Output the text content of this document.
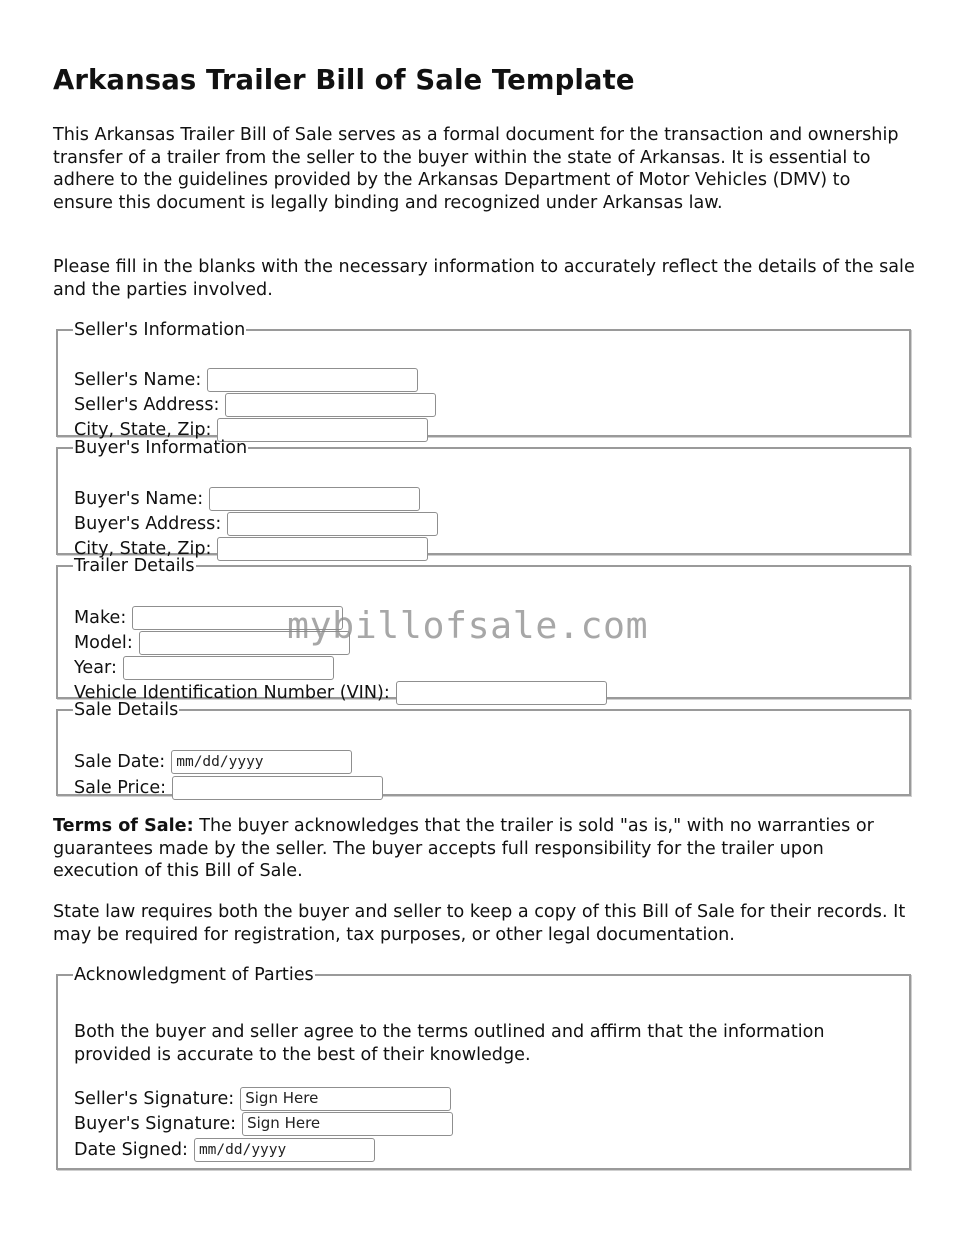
Arkansas Trailer Bill of Sale Template

This Arkansas Trailer Bill of Sale serves as a formal document for the transaction and ownership transfer of a trailer from the seller to the buyer within the state of Arkansas. It is essential to adhere to the guidelines provided by the Arkansas Department of Motor Vehicles (DMV) to ensure this document is legally binding and recognized under Arkansas law.

Please fill in the blanks with the necessary information to accurately reflect the details of the sale and the parties involved.

Seller's Information
Seller's Name:
Seller's Address:
City, State, Zip:
Buyer's Information
Buyer's Name:
Buyer's Address:
City, State, Zip:
Trailer Details
Make:
Model:
Year:
Vehicle Identification Number (VIN):
Sale Details
Sale Date:
mm/dd/yyyy
Sale Price:

Terms of Sale: The buyer acknowledges that the trailer is sold "as is," with no warranties or guarantees made by the seller. The buyer accepts full responsibility for the trailer upon execution of this Bill of Sale.

State law requires both the buyer and seller to keep a copy of this Bill of Sale for their records. It may be required for registration, tax purposes, or other legal documentation.

Acknowledgment of Parties

Both the buyer and seller agree to the terms outlined and affirm that the information provided is accurate to the best of their knowledge.

Seller's Signature:
Sign Here
Buyer's Signature:
Sign Here
Date Signed:
mm/dd/yyyy
mybillofsale.com
